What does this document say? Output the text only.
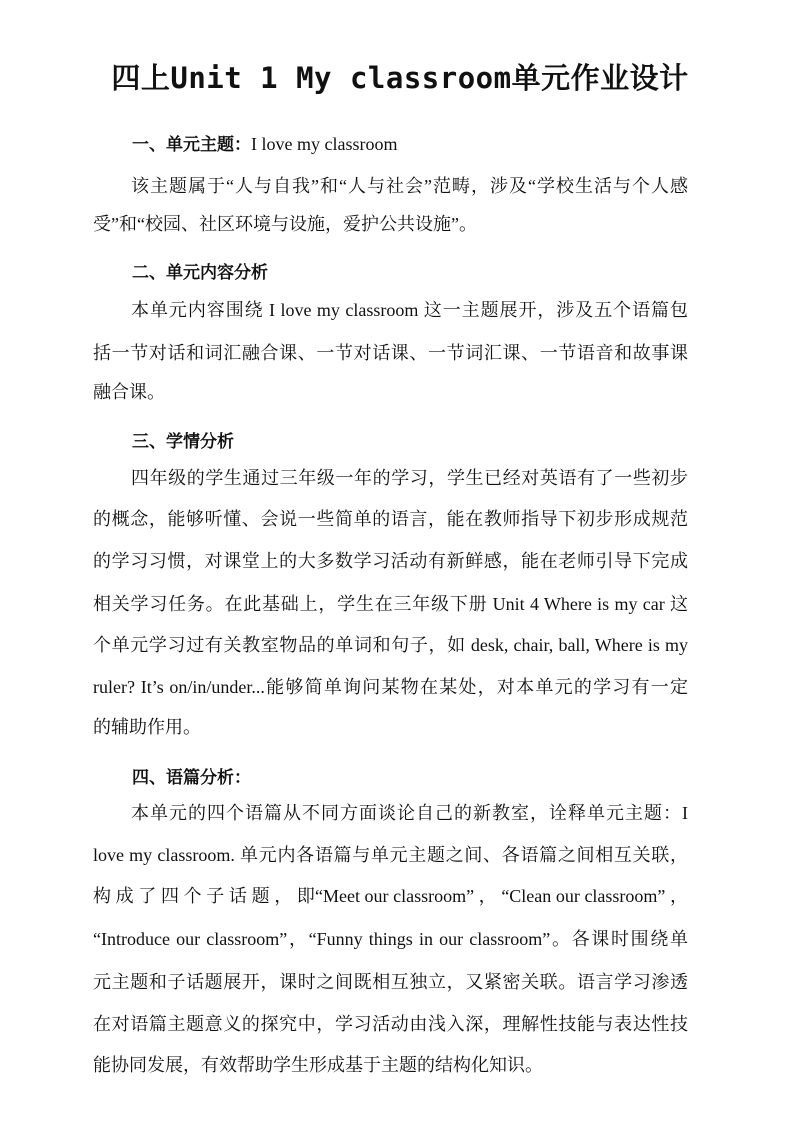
四上Unit 1 My classroom单元作业设计
一、单元主题：I love my classroom
该主题属于“人与自我”和“人与社会”范畴，涉及“学校生活与个人感
受”和“校园、社区环境与设施，爱护公共设施”。
二、单元内容分析
本单元内容围绕 I love my classroom 这一主题展开，涉及五个语篇包
括一节对话和词汇融合课、一节对话课、一节词汇课、一节语音和故事课
融合课。
三、学情分析
四年级的学生通过三年级一年的学习，学生已经对英语有了一些初步
的概念，能够听懂、会说一些简单的语言，能在教师指导下初步形成规范
的学习习惯，对课堂上的大多数学习活动有新鲜感，能在老师引导下完成
相关学习任务。在此基础上，学生在三年级下册 Unit 4 Where is my car 这
个单元学习过有关教室物品的单词和句子，如 desk, chair, ball, Where is my
ruler? It’s on/in/under...能够简单询问某物在某处，对本单元的学习有一定
的辅助作用。
四、语篇分析：
本单元的四个语篇从不同方面谈论自己的新教室，诠释单元主题：I
love my classroom. 单元内各语篇与单元主题之间、各语篇之间相互关联，
构 成 了 四 个 子 话 题 ， 即“Meet our classroom” ， “Clean our classroom” ，
“Introduce our classroom”，“Funny things in our classroom”。各课时围绕单
元主题和子话题展开，课时之间既相互独立，又紧密关联。语言学习渗透
在对语篇主题意义的探究中，学习活动由浅入深，理解性技能与表达性技
能协同发展，有效帮助学生形成基于主题的结构化知识。
